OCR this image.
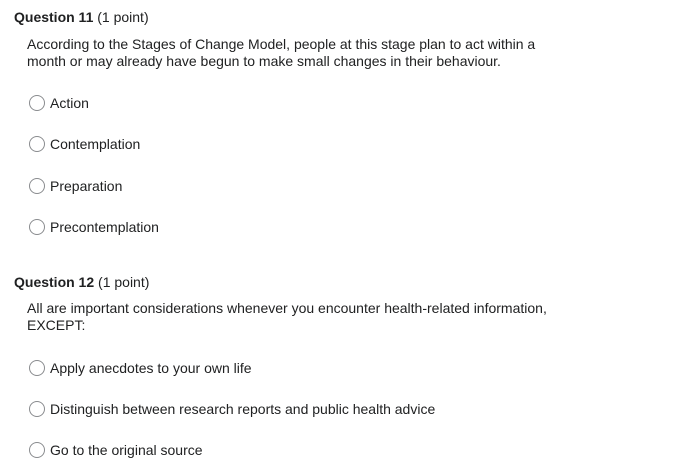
Question 11 (1 point)
According to the Stages of Change Model, people at this stage plan to act within a month or may already have begun to make small changes in their behaviour.
Action
Contemplation
Preparation
Precontemplation
Question 12 (1 point)
All are important considerations whenever you encounter health-related information, EXCEPT:
Apply anecdotes to your own life
Distinguish between research reports and public health advice
Go to the original source
